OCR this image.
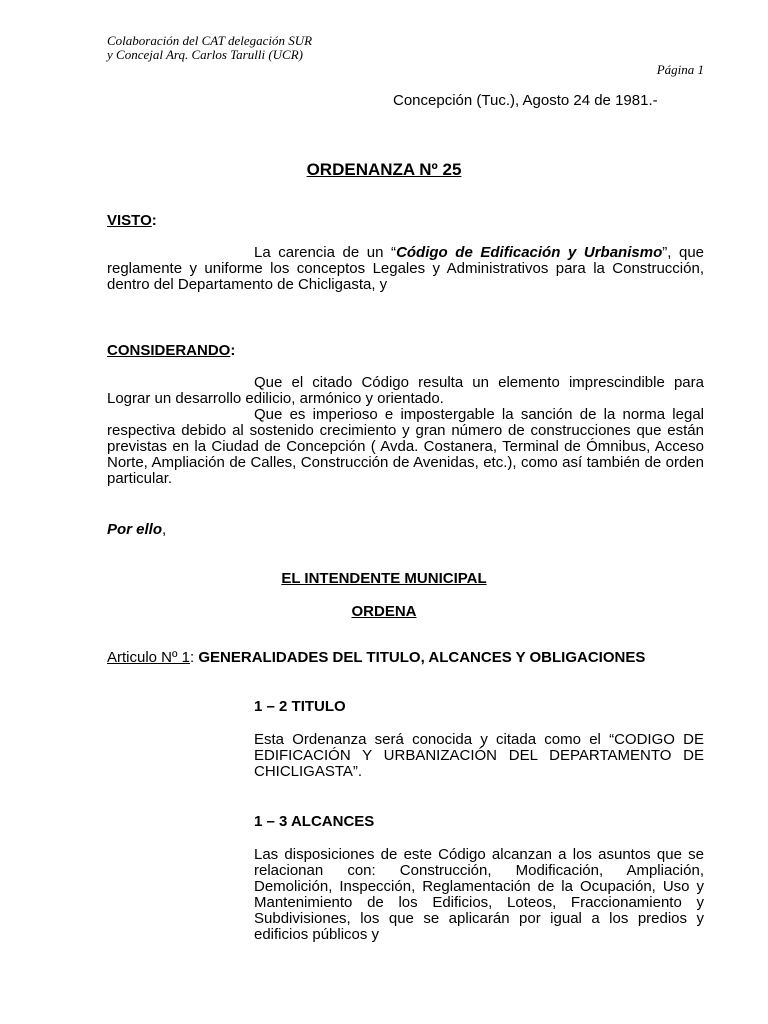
Colaboración del CAT delegación SUR
y Concejal Arq. Carlos Tarulli (UCR)
Página 1
Concepción (Tuc.), Agosto 24 de 1981.-
ORDENANZA Nº 25
VISTO:

La carencia de un “Código de Edificación y Urbanismo”, que reglamente y uniforme los conceptos Legales y Administrativos para la Construcción, dentro del Departamento de Chicligasta, y

CONSIDERANDO:

Que el citado Código resulta un elemento imprescindible para Lograr un desarrollo edilicio, armónico y orientado.

Que es imperioso e impostergable la sanción de la norma legal respectiva debido al sostenido crecimiento y gran número de construcciones que están previstas en la Ciudad de Concepción ( Avda. Costanera, Terminal de Ómnibus, Acceso Norte, Ampliación de Calles, Construcción de Avenidas, etc.), como así también de orden particular.

Por ello,
EL INTENDENTE MUNICIPAL
ORDENA
Articulo Nº 1: GENERALIDADES DEL TITULO, ALCANCES Y OBLIGACIONES
1 – 2 TITULO
Esta Ordenanza será conocida y citada como el “CODIGO DE EDIFICACIÓN Y URBANIZACIÓN DEL DEPARTAMENTO DE CHICLIGASTA”.
1 – 3 ALCANCES
Las disposiciones de este Código alcanzan a los asuntos que se relacionan con: Construcción, Modificación, Ampliación, Demolición, Inspección, Reglamentación de la Ocupación, Uso y Mantenimiento de los Edificios, Loteos, Fraccionamiento y Subdivisiones, los que se aplicarán por igual a los predios y edificios públicos y
